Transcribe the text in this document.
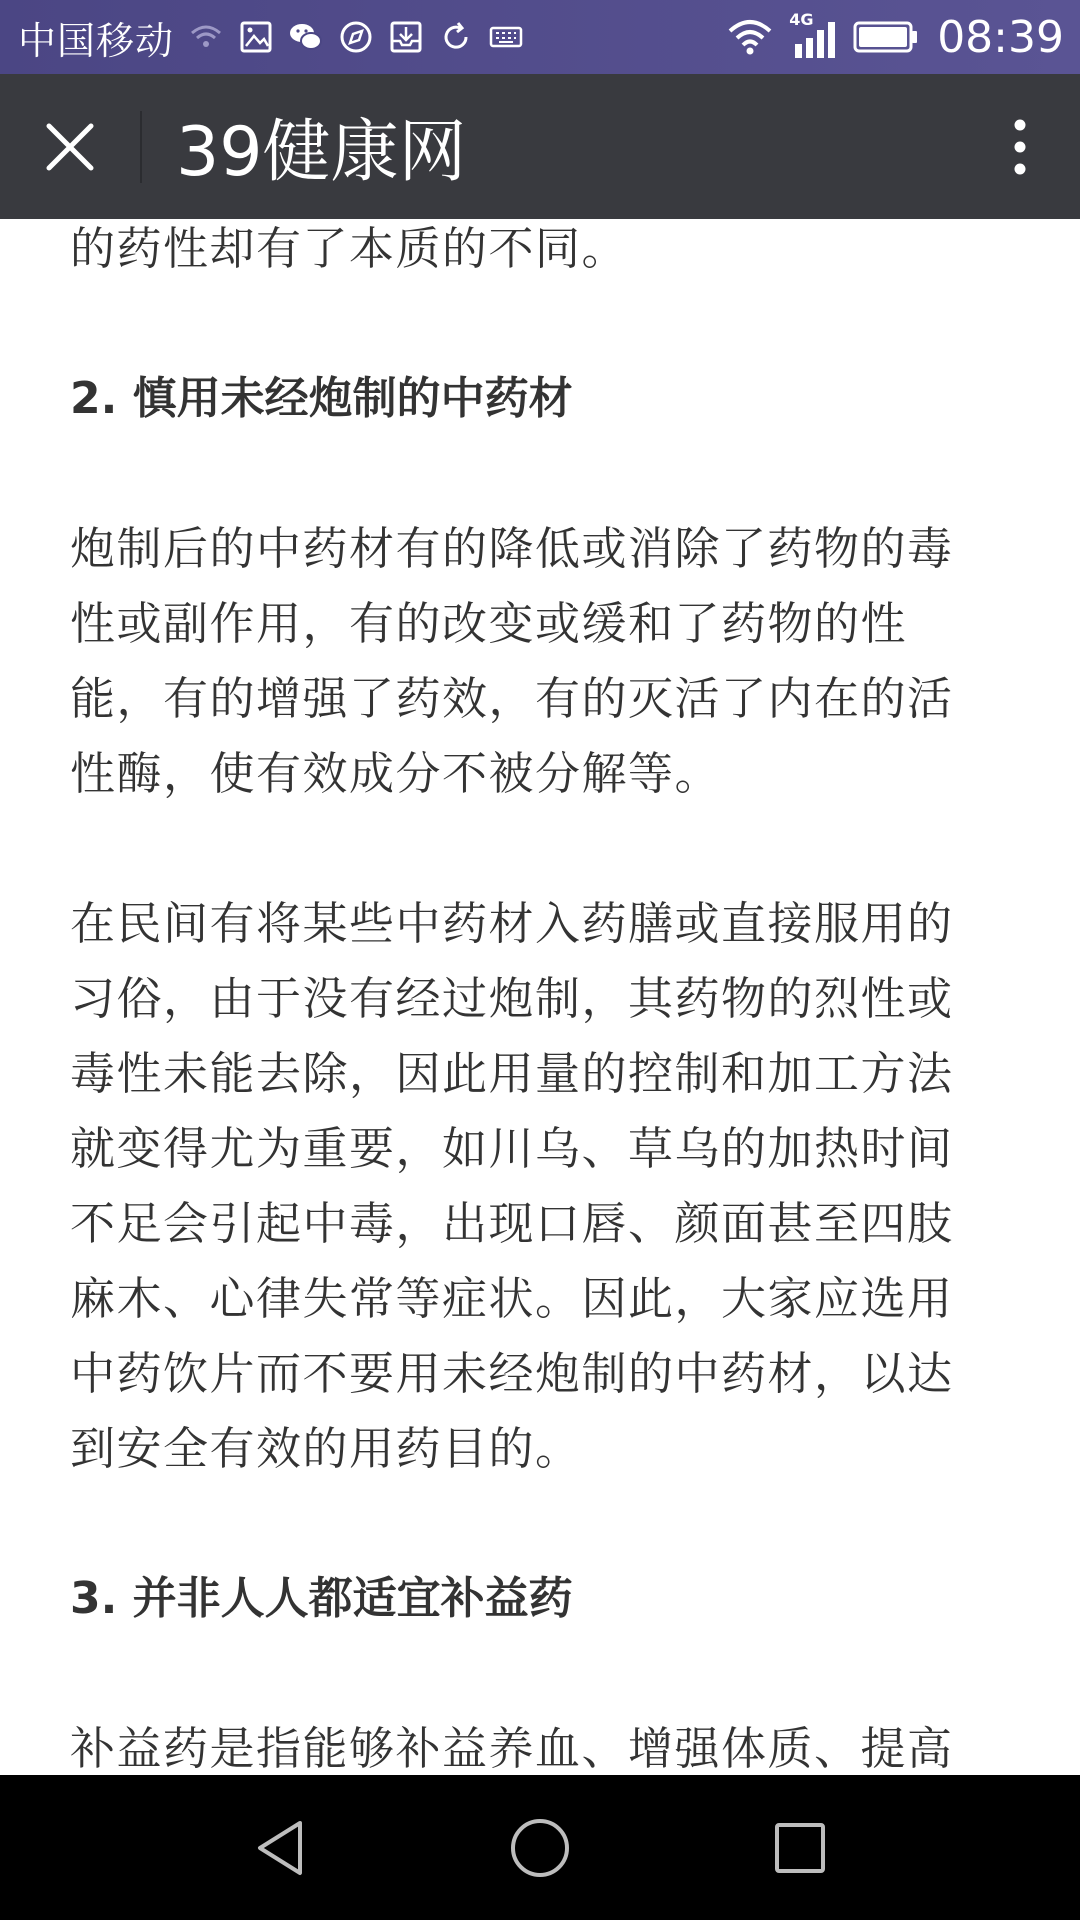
中国移动	4G	08:39
39健康网

的药性却有了本质的不同。

2. 慎用未经炮制的中药材

炮制后的中药材有的降低或消除了药物的毒

性或副作用，有的改变或缓和了药物的性

能，有的增强了药效，有的灭活了内在的活

性酶，使有效成分不被分解等。

在民间有将某些中药材入药膳或直接服用的

习俗，由于没有经过炮制，其药物的烈性或

毒性未能去除，因此用量的控制和加工方法

就变得尤为重要，如川乌、草乌的加热时间

不足会引起中毒，出现口唇、颜面甚至四肢

麻木、心律失常等症状。因此，大家应选用

中药饮片而不要用未经炮制的中药材，以达

到安全有效的用药目的。

3. 并非人人都适宜补益药

补益药是指能够补益养血、增强体质、提高
